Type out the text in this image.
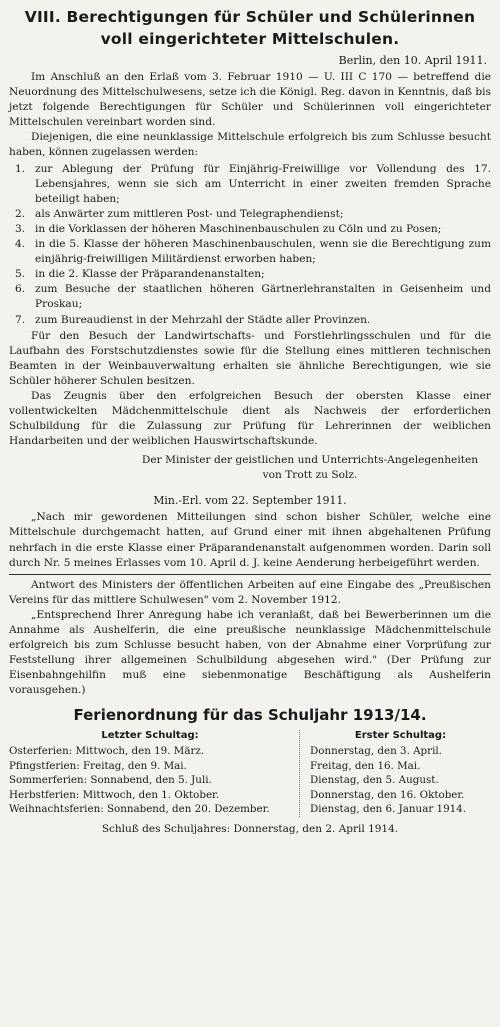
VIII. Berechtigungen für Schüler und Schülerinnen
voll eingerichteter Mittelschulen.
Berlin, den 10. April 1911.

Im Anschluß an den Erlaß vom 3. Februar 1910 — U. III C 170 — betreffend die Neuordnung des Mittelschulwesens, setze ich die Königl. Reg. davon in Kenntnis, daß bis jetzt folgende Berechtigungen für Schüler und Schülerinnen voll eingerichteter Mittelschulen vereinbart worden sind.

Diejenigen, die eine neunklassige Mittelschule erfolgreich bis zum Schlusse besucht haben, können zugelassen werden:

1. zur Ablegung der Prüfung für Einjährig-Freiwillige vor Vollendung des 17. Lebensjahres, wenn sie sich am Unterricht in einer zweiten fremden Sprache beteiligt haben;
2. als Anwärter zum mittleren Post- und Telegraphendienst;
3. in die Vorklassen der höheren Maschinenbauschulen zu Cöln und zu Posen;
4. in die 5. Klasse der höheren Maschinenbauschulen, wenn sie die Berechtigung zum einjährig-freiwilligen Militärdienst erworben haben;
5. in die 2. Klasse der Präparandenanstalten;
6. zum Besuche der staatlichen höheren Gärtnerlehranstalten in Geisenheim und Proskau;
7. zum Bureaudienst in der Mehrzahl der Städte aller Provinzen.

Für den Besuch der Landwirtschafts- und Forstlehrlingsschulen und für die Laufbahn des Forstschutzdienstes sowie für die Stellung eines mittleren technischen Beamten in der Weinbauverwaltung erhalten sie ähnliche Berechtigungen, wie sie Schüler höherer Schulen besitzen.

Das Zeugnis über den erfolgreichen Besuch der obersten Klasse einer vollentwickelten Mädchenmittelschule dient als Nachweis der erforderlichen Schulbildung für die Zulassung zur Prüfung für Lehrerinnen der weiblichen Handarbeiten und der weiblichen Hauswirtschaftskunde.

Der Minister der geistlichen und Unterrichts-Angelegenheiten
von Trott zu Solz.
Min.-Erl. vom 22. September 1911.

„Nach mir gewordenen Mitteilungen sind schon bisher Schüler, welche eine Mittelschule durchgemacht hatten, auf Grund einer mit ihnen abgehaltenen Prüfung nehrfach in die erste Klasse einer Präparandenanstalt aufgenommen worden. Darin soll durch Nr. 5 meines Erlasses vom 10. April d. J. keine Aenderung herbeigeführt werden.

Antwort des Ministers der öffentlichen Arbeiten auf eine Eingabe des „Preußischen Vereins für das mittlere Schulwesen" vom 2. November 1912.

„Entsprechend Ihrer Anregung habe ich veranlaßt, daß bei Bewerberinnen um die Annahme als Aushelferin, die eine preußische neunklassige Mädchenmittelschule erfolgreich bis zum Schlusse besucht haben, von der Abnahme einer Vorprüfung zur Feststellung ihrer allgemeinen Schulbildung abgesehen wird." (Der Prüfung zur Eisenbahngehilfin muß eine siebenmonatige Beschäftigung als Aushelferin vorausgehen.)

Ferienordnung für das Schuljahr 1913/14.
Letzter Schultag:
Osterferien: Mittwoch, den 19. März.
Pfingstferien: Freitag, den 9. Mai.
Sommerferien: Sonnabend, den 5. Juli.
Herbstferien: Mittwoch, den 1. Oktober.
Weihnachtsferien: Sonnabend, den 20. Dezember.
Erster Schultag:
Donnerstag, den 3. April.
Freitag, den 16. Mai.
Dienstag, den 5. August.
Donnerstag, den 16. Oktober.
Dienstag, den 6. Januar 1914.
Schluß des Schuljahres: Donnerstag, den 2. April 1914.
